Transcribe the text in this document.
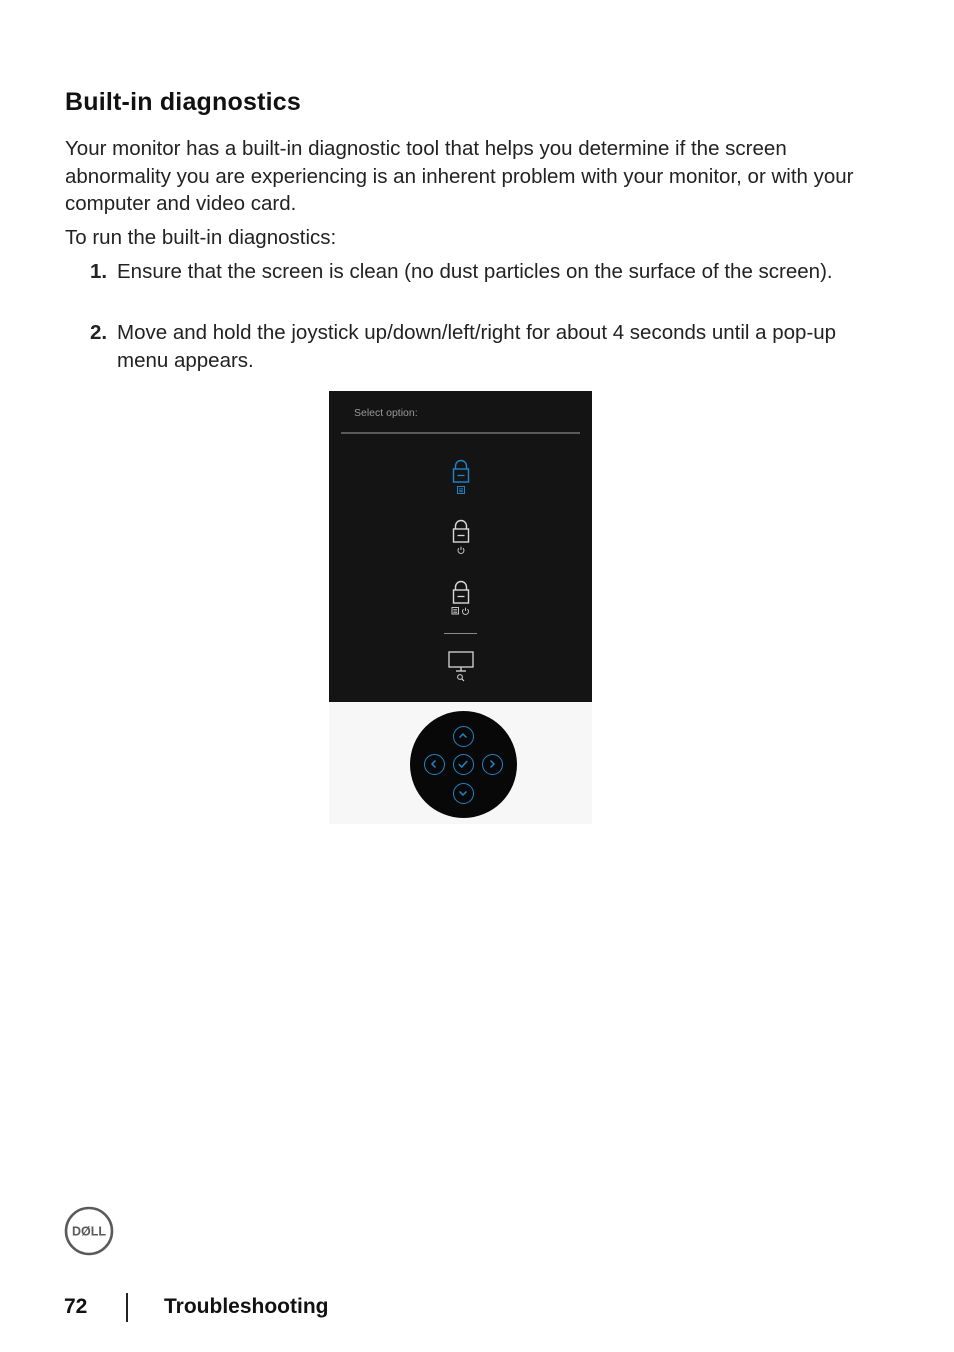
Built-in diagnostics

Your monitor has a built-in diagnostic tool that helps you determine if the screen abnormality you are experiencing is an inherent problem with your monitor, or with your computer and video card.

To run the built-in diagnostics:

1. Ensure that the screen is clean (no dust particles on the surface of the screen).
2. Move and hold the joystick up/down/left/right for about 4 seconds until a pop-up menu appears.
Select option:
DØLL
72	Troubleshooting
